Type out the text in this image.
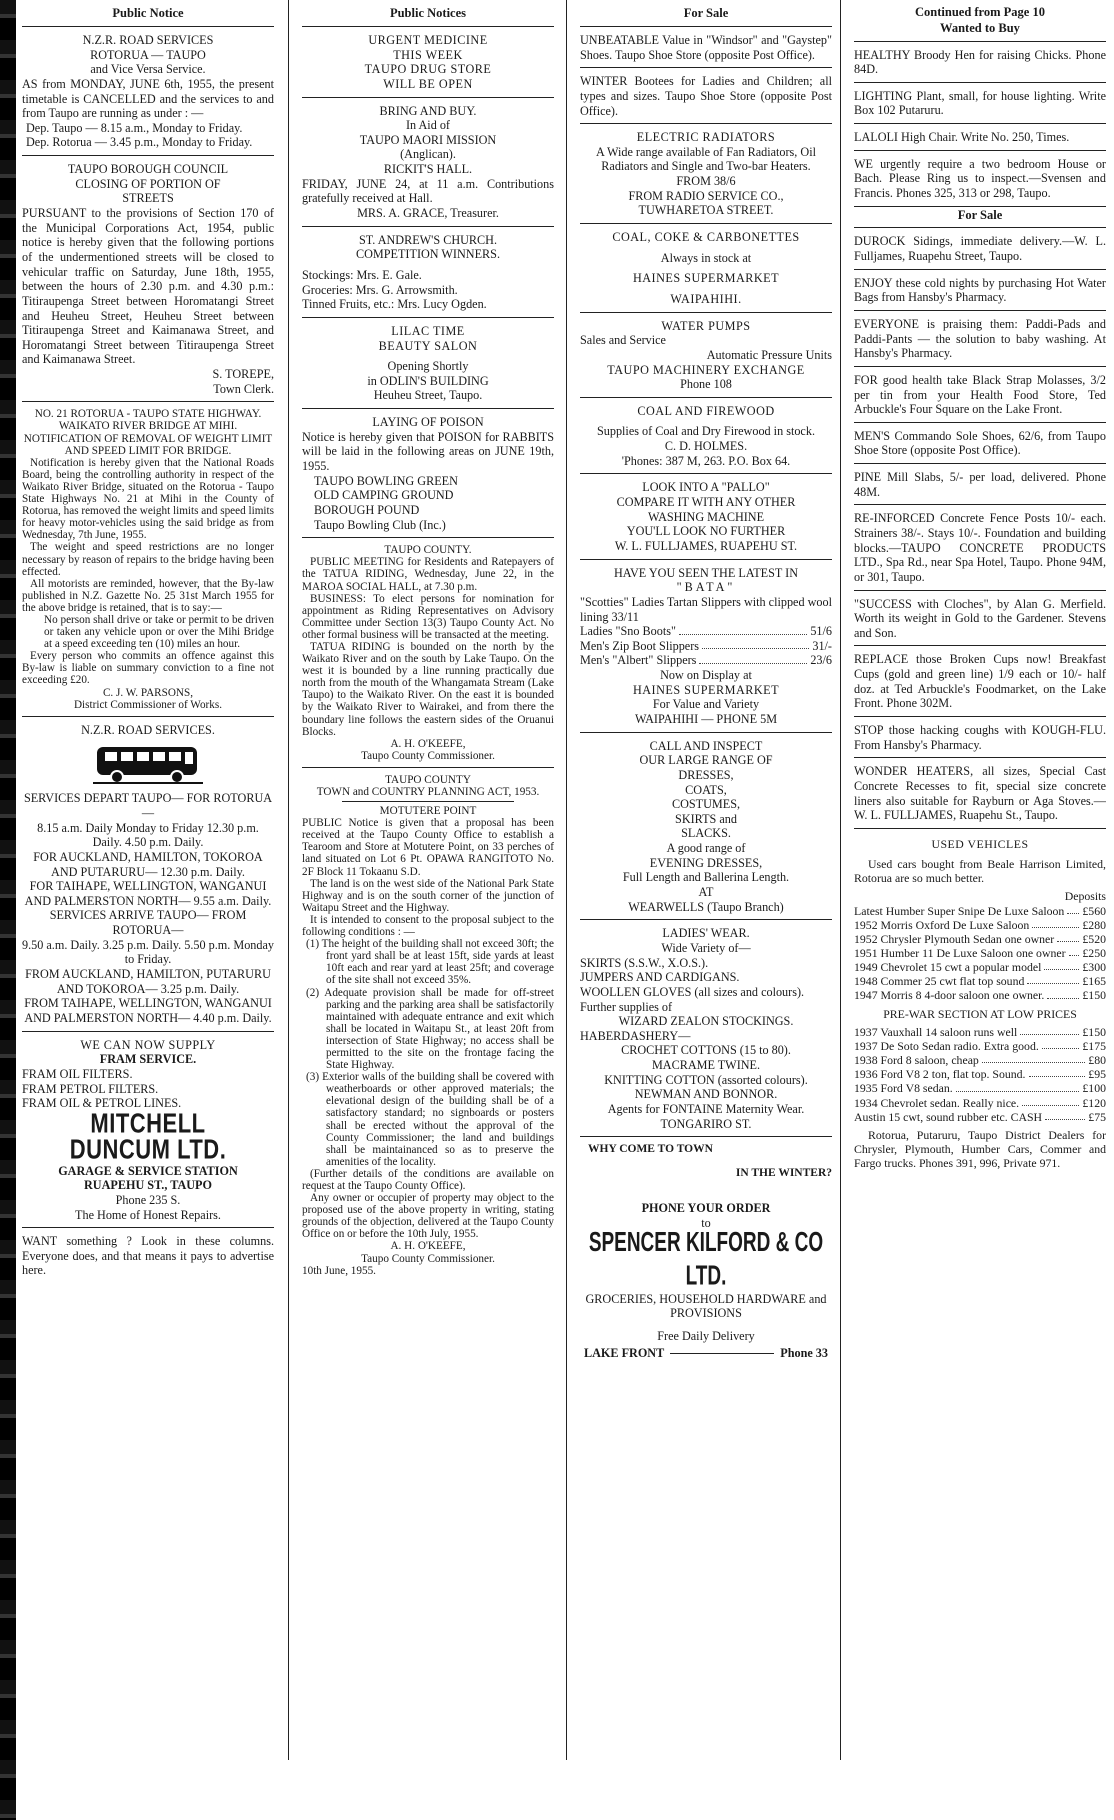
Public Notice
N.Z.R. ROAD SERVICES
ROTORUA — TAUPO
and Vice Versa Service.
AS from MONDAY, JUNE 6th, 1955, the present timetable is CANCELLED and the services to and from Taupo are running as under : —
Dep. Taupo — 8.15 a.m., Monday to Friday.
Dep. Rotorua — 3.45 p.m., Monday to Friday.
TAUPO BOROUGH COUNCIL
CLOSING OF PORTION OF
STREETS
PURSUANT to the provisions of Section 170 of the Municipal Corporations Act, 1954, public notice is hereby given that the following portions of the undermentioned streets will be closed to vehicular traffic on Saturday, June 18th, 1955, between the hours of 2.30 p.m. and 4.30 p.m.: Titiraupenga Street between Horomatangi Street and Heuheu Street, Heuheu Street between Titiraupenga Street and Kaimanawa Street, and Horomatangi Street between Titiraupenga Street and Kaimanawa Street.
S. TOREPE,
Town Clerk.
NO. 21 ROTORUA - TAUPO STATE HIGHWAY.
WAIKATO RIVER BRIDGE AT MIHI.
NOTIFICATION OF REMOVAL OF WEIGHT LIMIT AND SPEED LIMIT FOR BRIDGE.
Notification is hereby given that the National Roads Board, being the controlling authority in respect of the Waikato River Bridge, situated on the Rotorua - Taupo State Highways No. 21 at Mihi in the County of Rotorua, has removed the weight limits and speed limits for heavy motor-vehicles using the said bridge as from Wednesday, 7th June, 1955.
The weight and speed restrictions are no longer necessary by reason of repairs to the bridge having been effected.
All motorists are reminded, however, that the By-law published in N.Z. Gazette No. 25 31st March 1955 for the above bridge is retained, that is to say:—
No person shall drive or take or permit to be driven or taken any vehicle upon or over the Mihi Bridge at a speed exceeding ten (10) miles an hour.
Every person who commits an offence against this By-law is liable on summary conviction to a fine not exceeding £20.
C. J. W. PARSONS,
District Commissioner of Works.
N.Z.R. ROAD SERVICES.
SERVICES DEPART TAUPO— FOR ROTORUA—
8.15 a.m. Daily Monday to Friday 12.30 p.m. Daily. 4.50 p.m. Daily.
FOR AUCKLAND, HAMILTON, TOKOROA AND PUTARURU— 12.30 p.m. Daily.
FOR TAIHAPE, WELLINGTON, WANGANUI AND PALMERSTON NORTH— 9.55 a.m. Daily.
SERVICES ARRIVE TAUPO— FROM ROTORUA—
9.50 a.m. Daily. 3.25 p.m. Daily. 5.50 p.m. Monday to Friday.
FROM AUCKLAND, HAMILTON, PUTARURU AND TOKOROA— 3.25 p.m. Daily.
FROM TAIHAPE, WELLINGTON, WANGANUI AND PALMERSTON NORTH— 4.40 p.m. Daily.
WE CAN NOW SUPPLY
FRAM SERVICE.
FRAM OIL FILTERS.
FRAM PETROL FILTERS.
FRAM OIL & PETROL LINES.
MITCHELL
DUNCUM LTD.
GARAGE & SERVICE STATION
RUAPEHU ST., TAUPO
Phone 235 S.
The Home of Honest Repairs.
WANT something ? Look in these columns. Everyone does, and that means it pays to advertise here.
Public Notices
URGENT MEDICINE
THIS WEEK
TAUPO DRUG STORE
WILL BE OPEN
BRING AND BUY.
In Aid of
TAUPO MAORI MISSION
(Anglican).
RICKIT'S HALL.
FRIDAY, JUNE 24, at 11 a.m. Contributions gratefully received at Hall.
MRS. A. GRACE, Treasurer.
ST. ANDREW'S CHURCH.
COMPETITION WINNERS.
Stockings: Mrs. E. Gale.
Groceries: Mrs. G. Arrowsmith.
Tinned Fruits, etc.: Mrs. Lucy Ogden.
LILAC TIME
BEAUTY SALON
Opening Shortly
in ODLIN'S BUILDING
Heuheu Street, Taupo.
LAYING OF POISON
Notice is hereby given that POISON for RABBITS will be laid in the following areas on JUNE 19th, 1955.
TAUPO BOWLING GREEN
OLD CAMPING GROUND
BOROUGH POUND
Taupo Bowling Club (Inc.)
TAUPO COUNTY.
PUBLIC MEETING for Residents and Ratepayers of the TATUA RIDING, Wednesday, June 22, in the MAROA SOCIAL HALL, at 7.30 p.m.
BUSINESS: To elect persons for nomination for appointment as Riding Representatives on Advisory Committee under Section 13(3) Taupo County Act. No other formal business will be transacted at the meeting.
TATUA RIDING is bounded on the north by the Waikato River and on the south by Lake Taupo. On the west it is bounded by a line running practically due north from the mouth of the Whangamata Stream (Lake Taupo) to the Waikato River. On the east it is bounded by the Waikato River to Wairakei, and from there the boundary line follows the eastern sides of the Oruanui Blocks.
A. H. O'KEEFE,
Taupo County Commissioner.
TAUPO COUNTY
TOWN and COUNTRY PLANNING ACT, 1953.
MOTUTERE POINT
PUBLIC Notice is given that a proposal has been received at the Taupo County Office to establish a Tearoom and Store at Motutere Point, on 33 perches of land situated on Lot 6 Pt. OPAWA RANGITOTO No. 2F Block 11 Tokaanu S.D.
The land is on the west side of the National Park State Highway and is on the south corner of the junction of Waitapu Street and the Highway.
It is intended to consent to the proposal subject to the following conditions : —
(1) The height of the building shall not exceed 30ft; the front yard shall be at least 15ft, side yards at least 10ft each and rear yard at least 25ft; and coverage of the site shall not exceed 35%.
(2) Adequate provision shall be made for off-street parking and the parking area shall be satisfactorily maintained with adequate entrance and exit which shall be located in Waitapu St., at least 20ft from intersection of State Highway; no access shall be permitted to the site on the frontage facing the State Highway.
(3) Exterior walls of the building shall be covered with weatherboards or other approved materials; the elevational design of the building shall be of a satisfactory standard; no signboards or posters shall be erected without the approval of the County Commissioner; the land and buildings shall be maintainanced so as to preserve the amenities of the locality.
(Further details of the conditions are available on request at the Taupo County Office).
Any owner or occupier of property may object to the proposed use of the above property in writing, stating grounds of the objection, delivered at the Taupo County Office on or before the 10th July, 1955.
A. H. O'KEEFE,
Taupo County Commissioner.
10th June, 1955.
For Sale
UNBEATABLE Value in "Windsor" and "Gaystep" Shoes. Taupo Shoe Store (opposite Post Office).
WINTER Bootees for Ladies and Children; all types and sizes. Taupo Shoe Store (opposite Post Office).
ELECTRIC RADIATORS
A Wide range available of Fan Radiators, Oil Radiators and Single and Two-bar Heaters.
FROM 38/6
FROM RADIO SERVICE CO.,
TUWHARETOA STREET.
COAL, COKE & CARBONETTES
Always in stock at
HAINES SUPERMARKET
WAIPAHIHI.
WATER PUMPS
Sales and Service
Automatic Pressure Units
TAUPO MACHINERY EXCHANGE
Phone 108
COAL AND FIREWOOD
Supplies of Coal and Dry Firewood in stock.
C. D. HOLMES.
'Phones: 387 M, 263. P.O. Box 64.
LOOK INTO A "PALLO"
COMPARE IT WITH ANY OTHER
WASHING MACHINE
YOU'LL LOOK NO FURTHER
W. L. FULLJAMES, RUAPEHU ST.
HAVE YOU SEEN THE LATEST IN
"BATA"
"Scotties" Ladies Tartan Slippers with clipped wool lining 33/11
Ladies "Sno Boots"	51/6
Men's Zip Boot Slippers	31/-
Men's "Albert" Slippers	23/6
Now on Display at
HAINES SUPERMARKET
For Value and Variety
WAIPAHIHI — PHONE 5M
CALL AND INSPECT
OUR LARGE RANGE OF
DRESSES,
COATS,
COSTUMES,
SKIRTS and
SLACKS.
A good range of
EVENING DRESSES,
Full Length and Ballerina Length.
AT
WEARWELLS (Taupo Branch)
LADIES' WEAR.
Wide Variety of—
SKIRTS (S.S.W., X.O.S.).
JUMPERS AND CARDIGANS.
WOOLLEN GLOVES (all sizes and colours).
Further supplies of
WIZARD ZEALON STOCKINGS.
HABERDASHERY—
CROCHET COTTONS (15 to 80).
MACRAME TWINE.
KNITTING COTTON (assorted colours).
NEWMAN AND BONNOR.
Agents for FONTAINE Maternity Wear.
TONGARIRO ST.
WHY COME TO TOWN
IN THE WINTER?
PHONE YOUR ORDER
to
SPENCER KILFORD & CO LTD.
GROCERIES, HOUSEHOLD HARDWARE and PROVISIONS
Free Daily Delivery
LAKE FRONT	Phone 33
Continued from Page 10
Wanted to Buy
HEALTHY Broody Hen for raising Chicks. Phone 84D.
LIGHTING Plant, small, for house lighting. Write Box 102 Putaruru.
LALOLI High Chair. Write No. 250, Times.
WE urgently require a two bedroom House or Bach. Please Ring us to inspect.—Svensen and Francis. Phones 325, 313 or 298, Taupo.
For Sale
DUROCK Sidings, immediate delivery.—W. L. Fulljames, Ruapehu Street, Taupo.
ENJOY these cold nights by purchasing Hot Water Bags from Hansby's Pharmacy.
EVERYONE is praising them: Paddi-Pads and Paddi-Pants — the solution to baby washing. At Hansby's Pharmacy.
FOR good health take Black Strap Molasses, 3/2 per tin from your Health Food Store, Ted Arbuckle's Four Square on the Lake Front.
MEN'S Commando Sole Shoes, 62/6, from Taupo Shoe Store (opposite Post Office).
PINE Mill Slabs, 5/- per load, delivered. Phone 48M.
RE-INFORCED Concrete Fence Posts 10/- each. Strainers 38/-. Stays 10/-. Foundation and building blocks.—TAUPO CONCRETE PRODUCTS LTD., Spa Rd., near Spa Hotel, Taupo. Phone 94M, or 301, Taupo.
"SUCCESS with Cloches", by Alan G. Merfield. Worth its weight in Gold to the Gardener. Stevens and Son.
REPLACE those Broken Cups now! Breakfast Cups (gold and green line) 1/9 each or 10/- half doz. at Ted Arbuckle's Foodmarket, on the Lake Front. Phone 302M.
STOP those hacking coughs with KOUGH-FLU. From Hansby's Pharmacy.
WONDER HEATERS, all sizes, Special Cast Concrete Recesses to fit, special size concrete liners also suitable for Rayburn or Aga Stoves.—W. L. FULLJAMES, Ruapehu St., Taupo.
USED VEHICLES
Used cars bought from Beale Harrison Limited, Rotorua are so much better.
Deposits
Latest Humber Super Snipe De Luxe Saloon £560
1952 Morris Oxford De Luxe Saloon	£280
1952 Chrysler Plymouth Sedan one owner £520
1951 Humber 11 De Luxe Saloon one owner £250
1949 Chevrolet 15 cwt a popular model	£300
1948 Commer 25 cwt flat top sound	£165
1947 Morris 8 4-door saloon one owner.	£150
PRE-WAR SECTION AT LOW PRICES
1937 Vauxhall 14 saloon runs well	£150
1937 De Soto Sedan radio. Extra good.	£175
1938 Ford 8 saloon, cheap	£80
1936 Ford V8 2 ton, flat top. Sound.	£95
1935 Ford V8 sedan.	£100
1934 Chevrolet sedan. Really nice.	£120
Austin 15 cwt, sound rubber etc. CASH	£75
Rotorua, Putaruru, Taupo District Dealers for Chrysler, Plymouth, Humber Cars, Commer and Fargo trucks. Phones 391, 996, Private 971.
